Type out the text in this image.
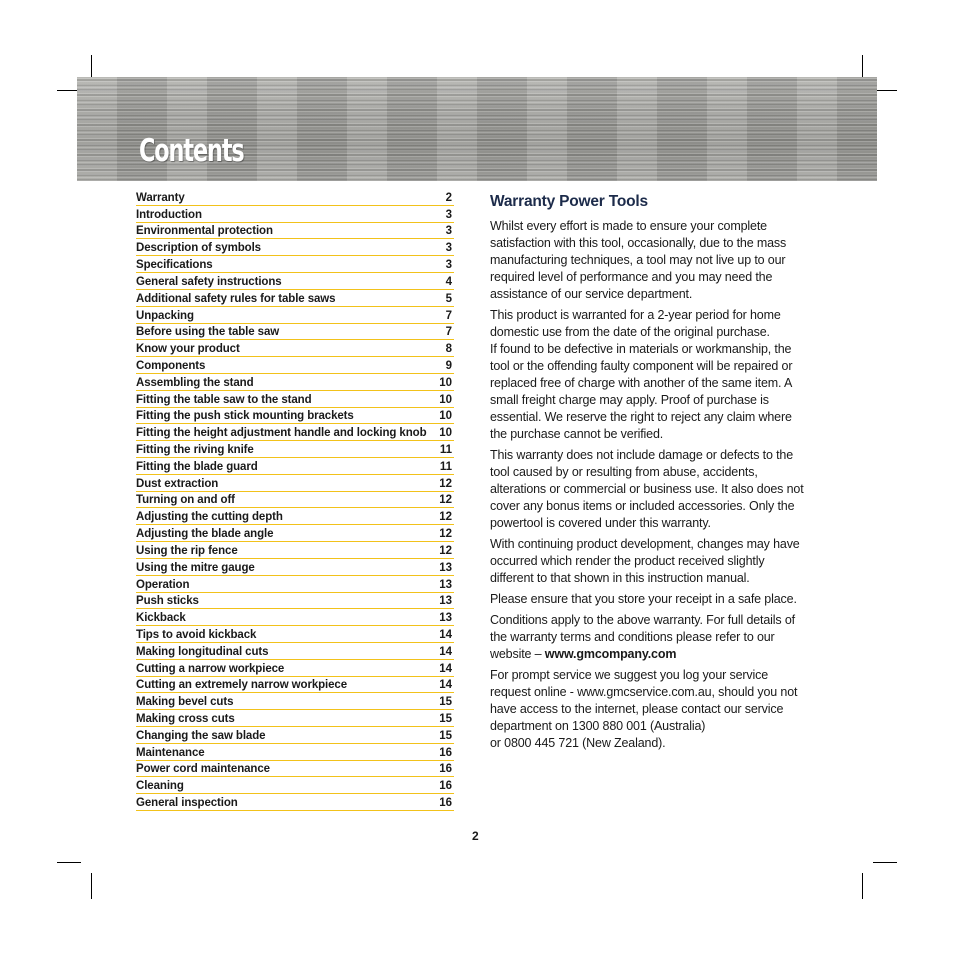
Contents
Warranty	2
Introduction	3
Environmental protection	3
Description of symbols	3
Specifications	3
General safety instructions	4
Additional safety rules for table saws	5
Unpacking	7
Before using the table saw	7
Know your product	8
Components	9
Assembling the stand	10
Fitting the table saw to the stand	10
Fitting the push stick mounting brackets	10
Fitting the height adjustment handle and locking knob 10
Fitting the riving knife	11
Fitting the blade guard	11
Dust extraction	12
Turning on and off	12
Adjusting the cutting depth	12
Adjusting the blade angle	12
Using the rip fence	12
Using the mitre gauge	13
Operation	13
Push sticks	13
Kickback	13
Tips to avoid kickback	14
Making longitudinal cuts	14
Cutting a narrow workpiece	14
Cutting an extremely narrow workpiece	14
Making bevel cuts	15
Making cross cuts	15
Changing the saw blade	15
Maintenance	16
Power cord maintenance	16
Cleaning	16
General inspection	16
Warranty Power Tools

Whilst every effort is made to ensure your complete satisfaction with this tool, occasionally, due to the mass manufacturing techniques, a tool may not live up to our required level of performance and you may need the assistance of our service department.

This product is warranted for a 2-year period for home domestic use from the date of the original purchase.
If found to be defective in materials or workmanship, the tool or the offending faulty component will be repaired or replaced free of charge with another of the same item. A small freight charge may apply. Proof of purchase is essential. We reserve the right to reject any claim where the purchase cannot be verified.

This warranty does not include damage or defects to the tool caused by or resulting from abuse, accidents, alterations or commercial or business use. It also does not cover any bonus items or included accessories. Only the powertool is covered under this warranty.

With continuing product development, changes may have occurred which render the product received slightly different to that shown in this instruction manual.

Please ensure that you store your receipt in a safe place.

Conditions apply to the above warranty. For full details of the warranty terms and conditions please refer to our website – www.gmcompany.com

For prompt service we suggest you log your service request online - www.gmcservice.com.au, should you not have access to the internet, please contact our service department on 1300 880 001 (Australia)
or 0800 445 721 (New Zealand).

2
